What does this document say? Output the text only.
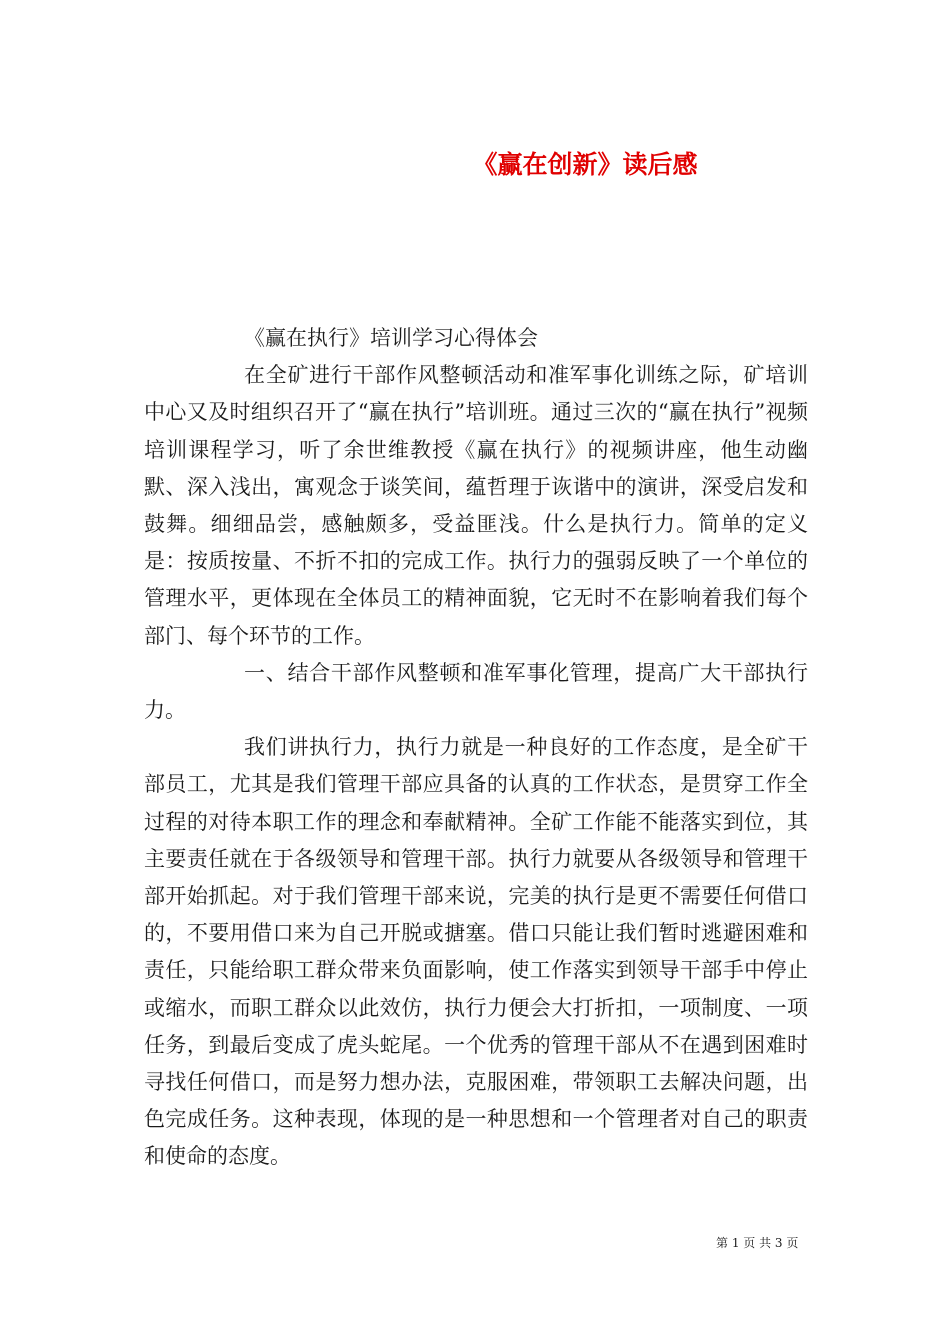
《赢在创新》读后感

《赢在执行》培训学习心得体会

在全矿进行干部作风整顿活动和准军事化训练之际，矿培训中心又及时组织召开了“赢在执行”培训班。通过三次的“赢在执行”视频培训课程学习，听了余世维教授《赢在执行》的视频讲座，他生动幽默、深入浅出，寓观念于谈笑间，蕴哲理于诙谐中的演讲，深受启发和鼓舞。细细品尝，感触颇多，受益匪浅。什么是执行力。简单的定义是：按质按量、不折不扣的完成工作。执行力的强弱反映了一个单位的管理水平，更体现在全体员工的精神面貌，它无时不在影响着我们每个部门、每个环节的工作。

一、结合干部作风整顿和准军事化管理，提高广大干部执行力。

我们讲执行力，执行力就是一种良好的工作态度，是全矿干部员工，尤其是我们管理干部应具备的认真的工作状态，是贯穿工作全过程的对待本职工作的理念和奉献精神。全矿工作能不能落实到位，其主要责任就在于各级领导和管理干部。执行力就要从各级领导和管理干部开始抓起。对于我们管理干部来说，完美的执行是更不需要任何借口的，不要用借口来为自己开脱或搪塞。借口只能让我们暂时逃避困难和责任，只能给职工群众带来负面影响，使工作落实到领导干部手中停止或缩水，而职工群众以此效仿，执行力便会大打折扣，一项制度、一项任务，到最后变成了虎头蛇尾。一个优秀的管理干部从不在遇到困难时寻找任何借口，而是努力想办法，克服困难，带领职工去解决问题，出色完成任务。这种表现，体现的是一种思想和一个管理者对自己的职责和使命的态度。

第 1 页 共 3 页
